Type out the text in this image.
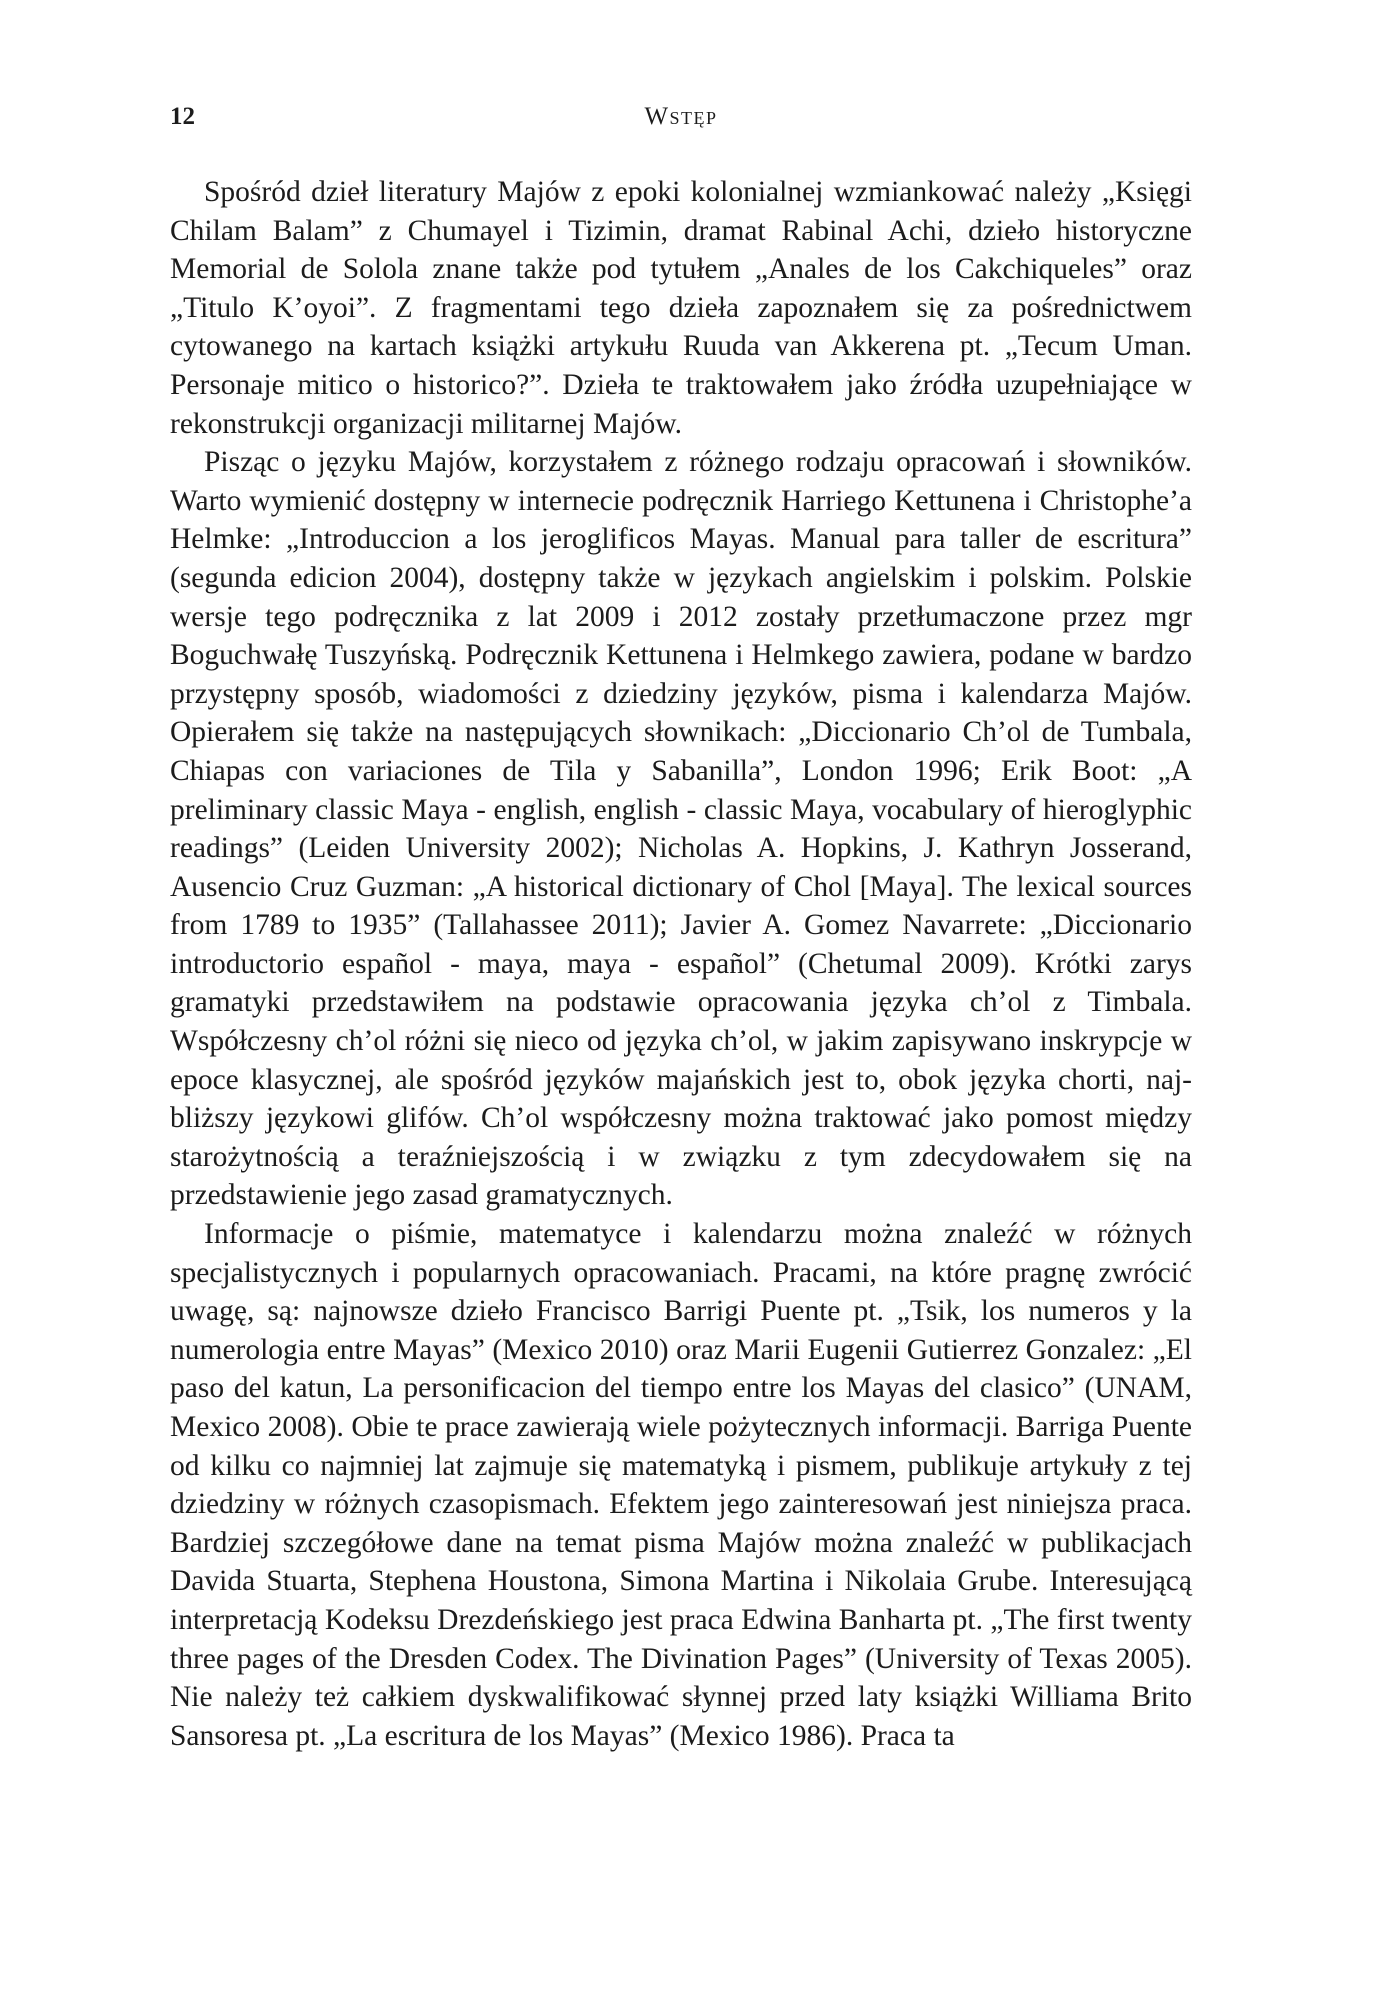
12	Wstęp

Spośród dzieł literatury Majów z epoki kolonialnej wzmiankować należy „Księgi Chilam Balam” z Chumayel i Tizimin, dramat Rabinal Achi, dzieło historyczne Memorial de Solola znane także pod tytułem „Anales de los Cakchiqueles” oraz „Titulo K’oyoi”. Z fragmentami tego dzieła zapoznałem się za pośrednictwem cytowanego na kartach książki artykułu Ruuda van Akkerena pt. „Tecum Uman. Personaje mitico o historico?”. Dzieła te traktowałem jako źródła uzupełniające w rekonstrukcji organizacji militarnej Majów.

Pisząc o języku Majów, korzystałem z różnego rodzaju opracowań i słowników. Warto wymienić dostępny w internecie podręcznik Harriego Kettunena i Christophe’a Helmke: „Introduccion a los jeroglificos Mayas. Manual para taller de escritura” (segunda edicion 2004), dostępny także w językach angielskim i polskim. Polskie wersje tego podręcznika z lat 2009 i 2012 zostały przetłumaczone przez mgr Boguchwałę Tuszyńską. Podręcznik Kettunena i Helmkego zawiera, podane w bardzo przystępny sposób, wiadomości z dziedziny języków, pisma i kalendarza Majów. Opierałem się także na następujących słownikach: „Diccionario Ch’ol de Tumbala, Chiapas con variaciones de Tila y Sabanilla”, London 1996; Erik Boot: „A preliminary classic Maya - english, english - classic Maya, vocabulary of hieroglyphic readings” (Leiden University 2002); Nicholas A. Hopkins, J. Kathryn Josserand, Ausencio Cruz Guzman: „A historical dictionary of Chol [Maya]. The lexical sources from 1789 to 1935” (Tallahassee 2011); Javier A. Gomez Navarrete: „Diccionario introductorio español - maya, maya - español” (Chetumal 2009). Krótki zarys gramatyki przedstawiłem na podstawie opracowania języka ch’ol z Timbala. Współczesny ch’ol różni się nieco od języka ch’ol, w jakim zapisywano inskrypcje w epoce klasycznej, ale spośród języków majańskich jest to, obok języka chorti, najbliższy językowi glifów. Ch’ol współczesny można traktować jako pomost między starożytnością a teraźniejszością i w związku z tym zdecydowałem się na przedstawienie jego zasad gramatycznych.

Informacje o piśmie, matematyce i kalendarzu można znaleźć w różnych specjalistycznych i popularnych opracowaniach. Pracami, na które pragnę zwrócić uwagę, są: najnowsze dzieło Francisco Barrigi Puente pt. „Tsik, los numeros y la numerologia entre Mayas” (Mexico 2010) oraz Marii Eugenii Gutierrez Gonzalez: „El paso del katun, La personificacion del tiempo entre los Mayas del clasico” (UNAM, Mexico 2008). Obie te prace zawierają wiele pożytecznych informacji. Barriga Puente od kilku co najmniej lat zajmuje się matematyką i pismem, publikuje artykuły z tej dziedziny w różnych czasopismach. Efektem jego zainteresowań jest niniejsza praca. Bardziej szczegółowe dane na temat pisma Majów można znaleźć w publikacjach Davida Stuarta, Stephena Houstona, Simona Martina i Nikolaia Grube. Interesującą interpretacją Kodeksu Drezdeńskiego jest praca Edwina Banharta pt. „The first twenty three pages of the Dresden Codex. The Divination Pages” (University of Texas 2005). Nie należy też całkiem dyskwalifikować słynnej przed laty książki Williama Brito Sansoresa pt. „La escritura de los Mayas” (Mexico 1986). Praca ta
